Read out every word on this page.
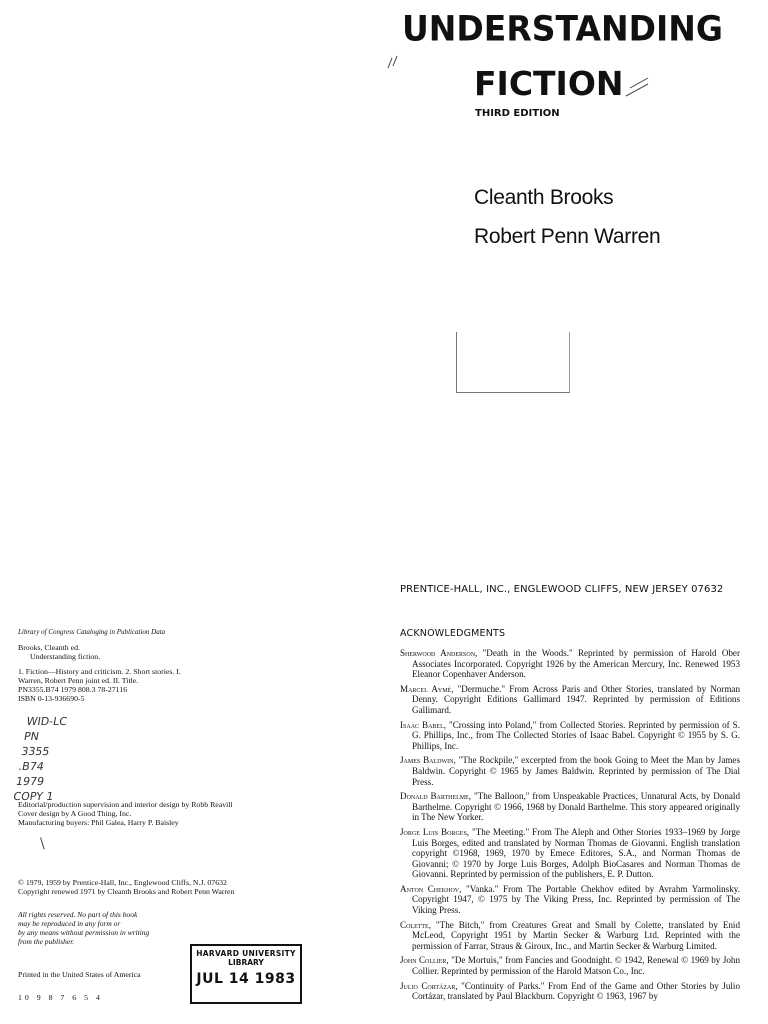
UNDERSTANDING
FICTION
THIRD EDITION
Cleanth Brooks
Robert Penn Warren
PRENTICE-HALL, INC., ENGLEWOOD CLIFFS, NEW JERSEY 07632
ACKNOWLEDGMENTS
Sherwood Anderson, "Death in the Woods." Reprinted by permission of Harold Ober Associates Incorporated. Copyright 1926 by the American Mercury, Inc. Renewed 1953 Eleanor Copenhaver Anderson.
Marcel Aymé, "Dermuche." From Across Paris and Other Stories, translated by Norman Denny. Copyright Editions Gallimard 1947. Reprinted by permission of Editions Gallimard.
Isaac Babel, "Crossing into Poland," from Collected Stories. Reprinted by permission of S. G. Phillips, Inc., from The Collected Stories of Isaac Babel. Copyright © 1955 by S. G. Phillips, Inc.
James Baldwin, "The Rockpile," excerpted from the book Going to Meet the Man by James Baldwin. Copyright © 1965 by James Baldwin. Reprinted by permission of The Dial Press.
Donald Barthelme, "The Balloon," from Unspeakable Practices, Unnatural Acts, by Donald Barthelme. Copyright © 1966, 1968 by Donald Barthelme. This story appeared originally in The New Yorker.
Jorge Luis Borges, "The Meeting." From The Aleph and Other Stories 1933–1969 by Jorge Luis Borges, edited and translated by Norman Thomas de Giovanni. English translation copyright ©1968, 1969, 1970 by Emece Editores, S.A., and Norman Thomas de Giovanni; © 1970 by Jorge Luis Borges, Adolph BioCasares and Norman Thomas de Giovanni. Reprinted by permission of the publishers, E. P. Dutton.
Anton Chekhov, "Vanka." From The Portable Chekhov edited by Avrahm Yarmolinsky. Copyright 1947, © 1975 by The Viking Press, Inc. Reprinted by permission of The Viking Press.
Colette, "The Bitch," from Creatures Great and Small by Colette, translated by Enid McLeod, Copyright 1951 by Martin Secker & Warburg Ltd. Reprinted with the permission of Farrar, Straus & Giroux, Inc., and Martin Secker & Warburg Limited.
John Collier, "De Mortuis," from Fancies and Goodnight. © 1942, Renewal © 1969 by John Collier. Reprinted by permission of the Harold Matson Co., Inc.
Julio Cortázar, "Continuity of Parks." From End of the Game and Other Stories by Julio Cortázar, translated by Paul Blackburn. Copyright © 1963, 1967 by
Library of Congress Cataloging in Publication Data
Brooks, Cleanth ed.
Understanding fiction.
1. Fiction—History and criticism. 2. Short stories. I. Warren, Robert Penn joint ed. II. Title.
PN3355.B74 1979 808.3 78-27116
ISBN 0-13-936690-5
WID-LC
PN
3355
.B74
1979
COPY 1
Editorial/production supervision and interior design by Robb Reavill
Cover design by A Good Thing, Inc.
Manufacturing buyers: Phil Galea, Harry P. Baisley
\
© 1979, 1959 by Prentice-Hall, Inc., Englewood Cliffs, N.J. 07632
Copyright renewed 1971 by Cleanth Brooks and Robert Penn Warren
All rights reserved. No part of this book
may be reproduced in any form or
by any means without permission in writing
from the publisher.
Printed in the United States of America
10 9 8 7 6 5 4
HARVARD UNIVERSITY
LIBRARY
JUL 14 1983
